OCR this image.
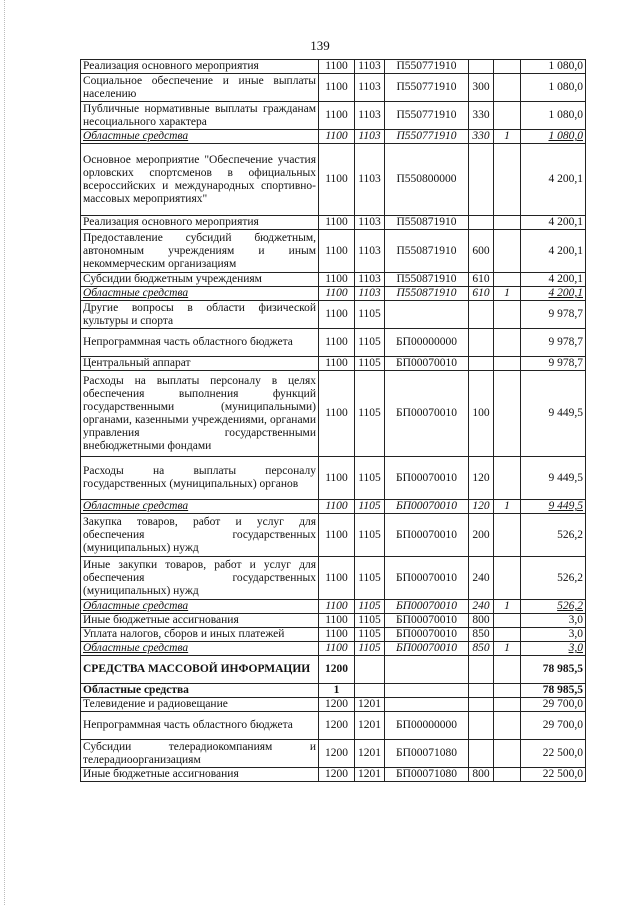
139
Реализация основного мероприятия	1100	1103	П550771910			1 080,0
Социальное обеспечение и иные выплаты населению	1100	1103	П550771910	300		1 080,0
Публичные нормативные выплаты гражданам несоциального характера	1100	1103	П550771910	330		1 080,0
Областные средства	1100	1103	П550771910	330	1	1 080,0
Основное мероприятие "Обеспечение участия орловских спортсменов в официальных всероссийских и международных спортивно-массовых мероприятиях"	1100	1103	П550800000			4 200,1
Реализация основного мероприятия	1100	1103	П550871910			4 200,1
Предоставление субсидий бюджетным, автономным учреждениям и иным некоммерческим организациям	1100	1103	П550871910	600		4 200,1
Субсидии бюджетным учреждениям	1100	1103	П550871910	610		4 200,1
Областные средства	1100	1103	П550871910	610	1	4 200,1
Другие вопросы в области физической культуры и спорта	1100	1105				9 978,7
Непрограммная часть областного бюджета	1100	1105	БП00000000			9 978,7
Центральный аппарат	1100	1105	БП00070010			9 978,7
Расходы на выплаты персоналу в целях обеспечения выполнения функций государственными (муниципальными) органами, казенными учреждениями, органами управления государственными внебюджетными фондами	1100	1105	БП00070010	100		9 449,5
Расходы на выплаты персоналу государственных (муниципальных) органов	1100	1105	БП00070010	120		9 449,5
Областные средства	1100	1105	БП00070010	120	1	9 449,5
Закупка товаров, работ и услуг для обеспечения государственных (муниципальных) нужд	1100	1105	БП00070010	200		526,2
Иные закупки товаров, работ и услуг для обеспечения государственных (муниципальных) нужд	1100	1105	БП00070010	240		526,2
Областные средства	1100	1105	БП00070010	240	1	526,2
Иные бюджетные ассигнования	1100	1105	БП00070010	800		3,0
Уплата налогов, сборов и иных платежей	1100	1105	БП00070010	850		3,0
Областные средства	1100	1105	БП00070010	850	1	3,0
СРЕДСТВА МАССОВОЙ ИНФОРМАЦИИ	1200					78 985,5
Областные средства	1					78 985,5
Телевидение и радиовещание	1200	1201				29 700,0
Непрограммная часть областного бюджета	1200	1201	БП00000000			29 700,0
Субсидии телерадиокомпаниям и телерадиоорганизациям	1200	1201	БП00071080			22 500,0
Иные бюджетные ассигнования	1200	1201	БП00071080	800		22 500,0
